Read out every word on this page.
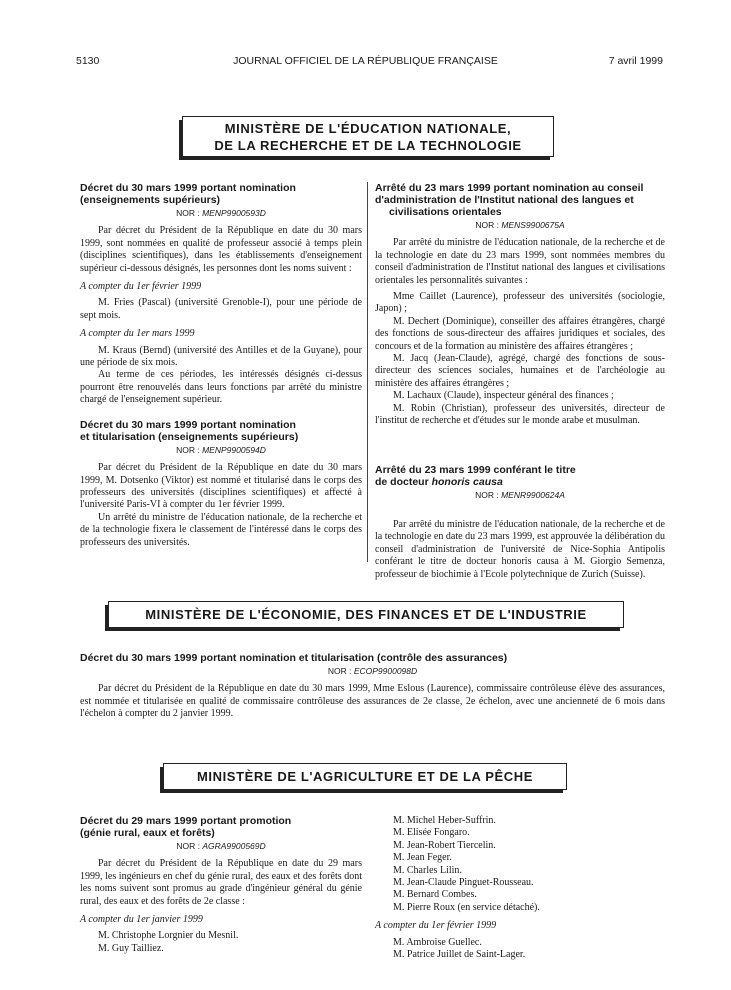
5130	JOURNAL OFFICIEL DE LA RÉPUBLIQUE FRANÇAISE	7 avril 1999
MINISTÈRE DE L'ÉDUCATION NATIONALE,
DE LA RECHERCHE ET DE LA TECHNOLOGIE

Décret du 30 mars 1999 portant nomination

(enseignements supérieurs)

NOR : MENP9900593D

Par décret du Président de la République en date du 30 mars 1999, sont nommées en qualité de professeur associé à temps plein (disciplines scientifiques), dans les établissements d'enseignement supérieur ci-dessous désignés, les personnes dont les noms suivent :

A compter du 1er février 1999

M. Fries (Pascal) (université Grenoble-I), pour une période de sept mois.

A compter du 1er mars 1999

M. Kraus (Bernd) (université des Antilles et de la Guyane), pour une période de six mois.

Au terme de ces périodes, les intéressés désignés ci-dessus pourront être renouvelés dans leurs fonctions par arrêté du ministre chargé de l'enseignement supérieur.

Décret du 30 mars 1999 portant nomination

et titularisation (enseignements supérieurs)

NOR : MENP9900594D

Par décret du Président de la République en date du 30 mars 1999, M. Dotsenko (Viktor) est nommé et titularisé dans le corps des professeurs des universités (disciplines scientifiques) et affecté à l'université Paris-VI à compter du 1er février 1999.

Un arrêté du ministre de l'éducation nationale, de la recherche et de la technologie fixera le classement de l'intéressé dans le corps des professeurs des universités.

Arrêté du 23 mars 1999 portant nomination au conseil

d'administration de l'Institut national des langues et

civilisations orientales

NOR : MENS9900675A

Par arrêté du ministre de l'éducation nationale, de la recherche et de la technologie en date du 23 mars 1999, sont nommées membres du conseil d'administration de l'Institut national des langues et civilisations orientales les personnalités suivantes :

Mme Caillet (Laurence), professeur des universités (sociologie, Japon) ;

M. Dechert (Dominique), conseiller des affaires étrangères, chargé des fonctions de sous-directeur des affaires juridiques et sociales, des concours et de la formation au ministère des affaires étrangères ;

M. Jacq (Jean-Claude), agrégé, chargé des fonctions de sous-directeur des sciences sociales, humaines et de l'archéologie au ministère des affaires étrangères ;

M. Lachaux (Claude), inspecteur général des finances ;

M. Robin (Christian), professeur des universités, directeur de l'institut de recherche et d'études sur le monde arabe et musulman.

Arrêté du 23 mars 1999 conférant le titre

de docteur honoris causa

NOR : MENR9900624A

Par arrêté du ministre de l'éducation nationale, de la recherche et de la technologie en date du 23 mars 1999, est approuvée la délibération du conseil d'administration de l'université de Nice-Sophia Antipolis conférant le titre de docteur honoris causa à M. Giorgio Semenza, professeur de biochimie à l'Ecole polytechnique de Zurich (Suisse).

MINISTÈRE DE L'ÉCONOMIE, DES FINANCES ET DE L'INDUSTRIE

Décret du 30 mars 1999 portant nomination et titularisation (contrôle des assurances)

NOR : ECOP9900098D

Par décret du Président de la République en date du 30 mars 1999, Mme Eslous (Laurence), commissaire contrôleuse élève des assurances, est nommée et titularisée en qualité de commissaire contrôleuse des assurances de 2e classe, 2e échelon, avec une ancienneté de 6 mois dans l'échelon à compter du 2 janvier 1999.

MINISTÈRE DE L'AGRICULTURE ET DE LA PÊCHE

Décret du 29 mars 1999 portant promotion

(génie rural, eaux et forêts)

NOR : AGRA9900569D

Par décret du Président de la République en date du 29 mars 1999, les ingénieurs en chef du génie rural, des eaux et des forêts dont les noms suivent sont promus au grade d'ingénieur général du génie rural, des eaux et des forêts de 2e classe :

A compter du 1er janvier 1999

M. Christophe Lorgnier du Mesnil.

M. Guy Tailliez.

M. Michel Heber-Suffrin.

M. Elisée Fongaro.

M. Jean-Robert Tiercelin.

M. Jean Feger.

M. Charles Lilin.

M. Jean-Claude Pinguet-Rousseau.

M. Bernard Combes.

M. Pierre Roux (en service détaché).

A compter du 1er février 1999

M. Ambroise Guellec.

M. Patrice Juillet de Saint-Lager.
